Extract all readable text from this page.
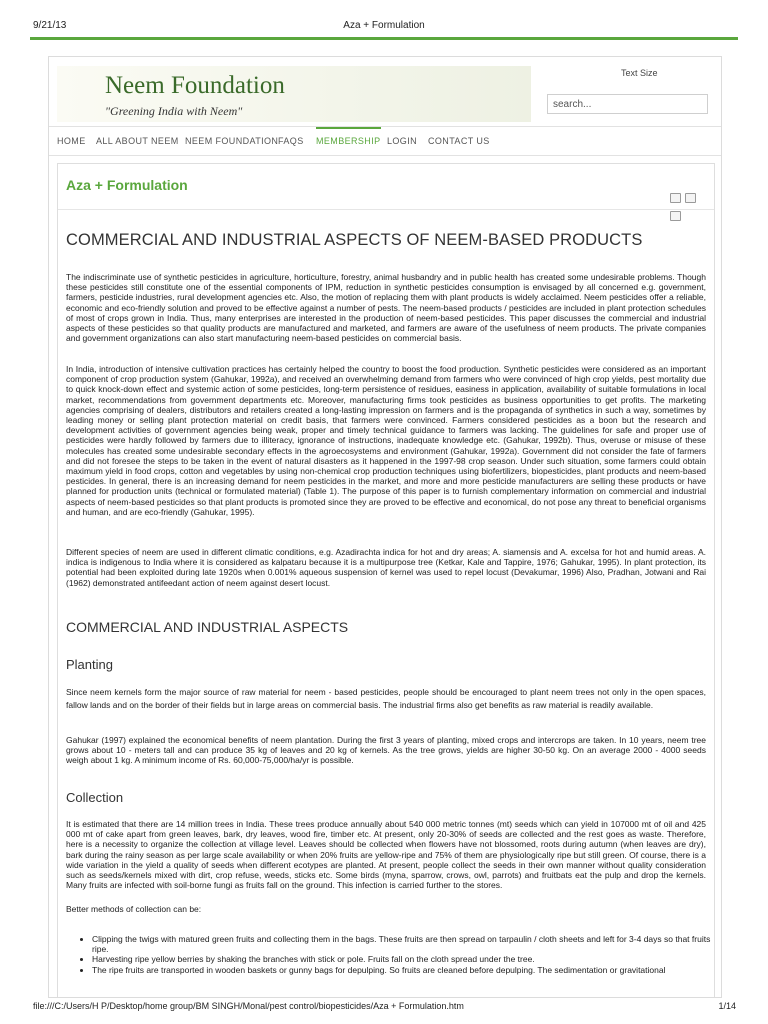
9/21/13	Aza + Formulation
Neem Foundation
"Greening India with Neem"
Text Size
search...
HOME ALL ABOUT NEEM NEEM FOUNDATION FAQS MEMBERSHIP LOGIN CONTACT US
Aza + Formulation
COMMERCIAL AND INDUSTRIAL ASPECTS OF NEEM-BASED PRODUCTS

The indiscriminate use of synthetic pesticides in agriculture, horticulture, forestry, animal husbandry and in public health has created some undesirable problems. Though these pesticides still constitute one of the essential components of IPM, reduction in synthetic pesticides consumption is envisaged by all concerned e.g. government, farmers, pesticide industries, rural development agencies etc. Also, the motion of replacing them with plant products is widely acclaimed. Neem pesticides offer a reliable, economic and eco-friendly solution and proved to be effective against a number of pests. The neem-based products / pesticides are included in plant protection schedules of most of crops grown in India. Thus, many enterprises are interested in the production of neem-based pesticides. This paper discusses the commercial and industrial aspects of these pesticides so that quality products are manufactured and marketed, and farmers are aware of the usefulness of neem products. The private companies and government organizations can also start manufacturing neem-based pesticides on commercial basis.

In India, introduction of intensive cultivation practices has certainly helped the country to boost the food production. Synthetic pesticides were considered as an important component of crop production system (Gahukar, 1992a), and received an overwhelming demand from farmers who were convinced of high crop yields, pest mortality due to quick knock-down effect and systemic action of some pesticides, long-term persistence of residues, easiness in application, availability of suitable formulations in local market, recommendations from government departments etc. Moreover, manufacturing firms took pesticides as business opportunities to get profits. The marketing agencies comprising of dealers, distributors and retailers created a long-lasting impression on farmers and is the propaganda of synthetics in such a way, sometimes by leading money or selling plant protection material on credit basis, that farmers were convinced. Farmers considered pesticides as a boon but the research and development activities of government agencies being weak, proper and timely technical guidance to farmers was lacking. The guidelines for safe and proper use of pesticides were hardly followed by farmers due to illiteracy, ignorance of instructions, inadequate knowledge etc. (Gahukar, 1992b). Thus, overuse or misuse of these molecules has created some undesirable secondary effects in the agroecosystems and environment (Gahukar, 1992a). Government did not consider the fate of farmers and did not foresee the steps to be taken in the event of natural disasters as it happened in the 1997-98 crop season. Under such situation, some farmers could obtain maximum yield in food crops, cotton and vegetables by using non-chemical crop production techniques using biofertilizers, biopesticides, plant products and neem-based pesticides. In general, there is an increasing demand for neem pesticides in the market, and more and more pesticide manufacturers are selling these products or have planned for production units (technical or formulated material) (Table 1). The purpose of this paper is to furnish complementary information on commercial and industrial aspects of neem-based pesticides so that plant products is promoted since they are proved to be effective and economical, do not pose any threat to beneficial organisms and human, and are eco-friendly (Gahukar, 1995).

Different species of neem are used in different climatic conditions, e.g. Azadirachta indica for hot and dry areas; A. siamensis and A. excelsa for hot and humid areas. A. indica is indigenous to India where it is considered as kalpataru because it is a multipurpose tree (Ketkar, Kale and Tappire, 1976; Gahukar, 1995). In plant protection, its potential had been exploited during late 1920s when 0.001% aqueous suspension of kernel was used to repel locust (Devakumar, 1996) Also, Pradhan, Jotwani and Rai (1962) demonstrated antifeedant action of neem against desert locust.

COMMERCIAL AND INDUSTRIAL ASPECTS
Planting

Since neem kernels form the major source of raw material for neem - based pesticides, people should be encouraged to plant neem trees not only in the open spaces, fallow lands and on the border of their fields but in large areas on commercial basis. The industrial firms also get benefits as raw material is readily available.

Gahukar (1997) explained the economical benefits of neem plantation. During the first 3 years of planting, mixed crops and intercrops are taken. In 10 years, neem tree grows about 10 - meters tall and can produce 35 kg of leaves and 20 kg of kernels. As the tree grows, yields are higher 30-50 kg. On an average 2000 - 4000 seeds weigh about 1 kg. A minimum income of Rs. 60,000-75,000/ha/yr is possible.

Collection

It is estimated that there are 14 million trees in India. These trees produce annually about 540 000 metric tonnes (mt) seeds which can yield in 107000 mt of oil and 425 000 mt of cake apart from green leaves, bark, dry leaves, wood fire, timber etc. At present, only 20-30% of seeds are collected and the rest goes as waste. Therefore, here is a necessity to organize the collection at village level. Leaves should be collected when flowers have not blossomed, roots during autumn (when leaves are dry), bark during the rainy season as per large scale availability or when 20% fruits are yellow-ripe and 75% of them are physiologically ripe but still green. Of course, there is a wide variation in the yield a quality of seeds when different ecotypes are planted. At present, people collect the seeds in their own manner without quality consideration such as seeds/kernels mixed with dirt, crop refuse, weeds, sticks etc. Some birds (myna, sparrow, crows, owl, parrots) and fruitbats eat the pulp and drop the kernels. Many fruits are infected with soil-borne fungi as fruits fall on the ground. This infection is carried further to the stores.

Better methods of collection can be:

• Clipping the twigs with matured green fruits and collecting them in the bags. These fruits are then spread on tarpaulin / cloth sheets and left for 3-4 days so that fruits ripe.
• Harvesting ripe yellow berries by shaking the branches with stick or pole. Fruits fall on the cloth spread under the tree.
• The ripe fruits are transported in wooden baskets or gunny bags for depulping. So fruits are cleaned before depulping. The sedimentation or gravitational
file:///C:/Users/H P/Desktop/home group/BM SINGH/Monal/pest control/biopesticides/Aza + Formulation.htm	1/14
